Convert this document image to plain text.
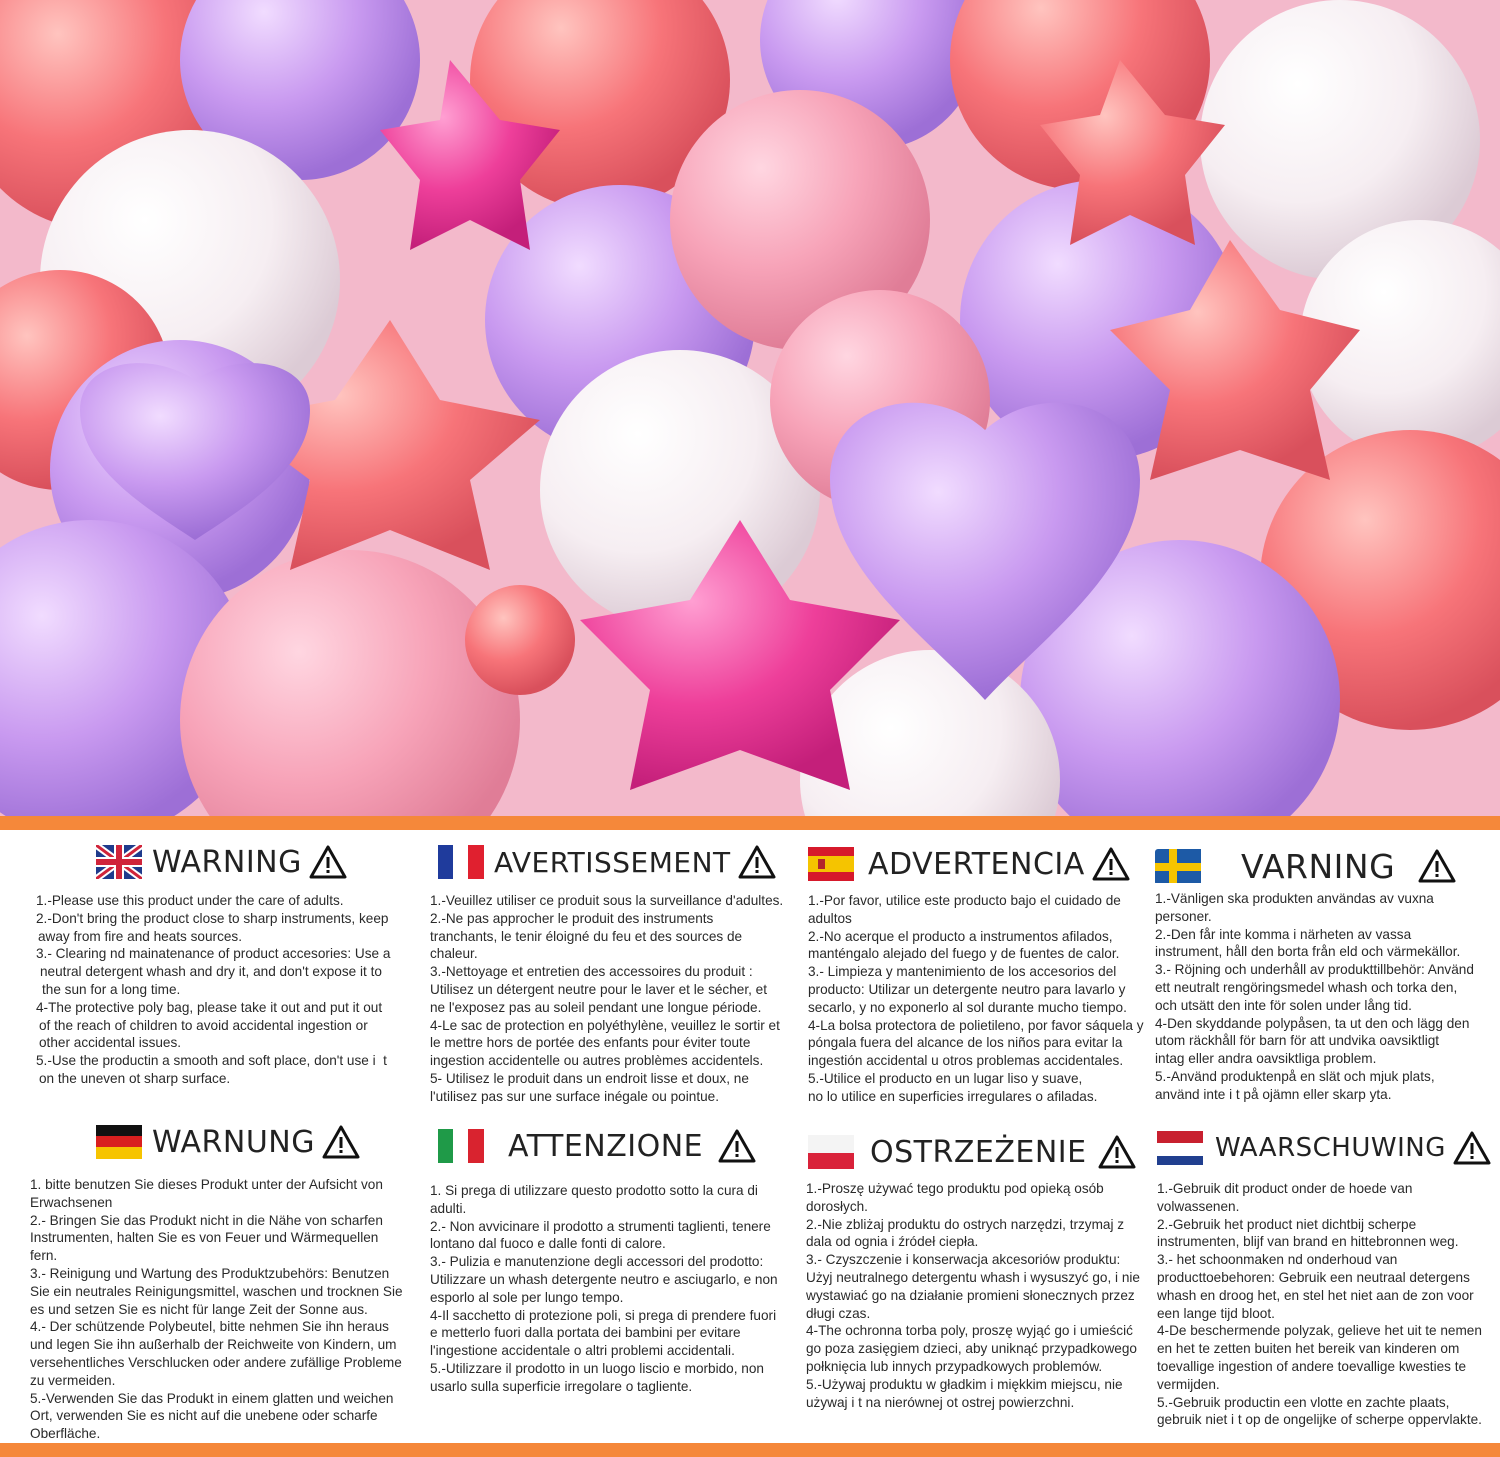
WARNING
1.-Please use this product under the care of adults.
2.-Don't bring the product close to sharp instruments, keep
away from fire and heats sources.
3.- Clearing nd mainatenance of product accesories: Use a
neutral detergent whash and dry it, and don't expose it to
the sun for a long time.
4-The protective poly bag, please take it out and put it out
of the reach of children to avoid accidental ingestion or
other accidental issues.
5.-Use the productin a smooth and soft place, don't use i  t
on the uneven ot sharp surface.
AVERTISSEMENT
1.-Veuillez utiliser ce produit sous la surveillance d'adultes.
2.-Ne pas approcher le produit des instruments
tranchants, le tenir éloigné du feu et des sources de
chaleur.
3.-Nettoyage et entretien des accessoires du produit :
Utilisez un détergent neutre pour le laver et le sécher, et
ne l'exposez pas au soleil pendant une longue période.
4-Le sac de protection en polyéthylène, veuillez le sortir et
le mettre hors de portée des enfants pour éviter toute
ingestion accidentelle ou autres problèmes accidentels.
5- Utilisez le produit dans un endroit lisse et doux, ne
l'utilisez pas sur une surface inégale ou pointue.
ADVERTENCIA
1.-Por favor, utilice este producto bajo el cuidado de
adultos
2.-No acerque el producto a instrumentos afilados,
manténgalo alejado del fuego y de fuentes de calor.
3.- Limpieza y mantenimiento de los accesorios del
producto: Utilizar un detergente neutro para lavarlo y
secarlo, y no exponerlo al sol durante mucho tiempo.
4-La bolsa protectora de polietileno, por favor sáquela y
póngala fuera del alcance de los niños para evitar la
ingestión accidental u otros problemas accidentales.
5.-Utilice el producto en un lugar liso y suave,
no lo utilice en superficies irregulares o afiladas.
VARNING
1.-Vänligen ska produkten användas av vuxna
personer.
2.-Den får inte komma i närheten av vassa
instrument, håll den borta från eld och värmekällor.
3.- Röjning och underhåll av produkttillbehör: Använd
ett neutralt rengöringsmedel whash och torka den,
och utsätt den inte för solen under lång tid.
4-Den skyddande polypåsen, ta ut den och lägg den
utom räckhåll för barn för att undvika oavsiktligt
intag eller andra oavsiktliga problem.
5.-Använd produktenpå en slät och mjuk plats,
använd inte i t på ojämn eller skarp yta.
WARNUNG
1. bitte benutzen Sie dieses Produkt unter der Aufsicht von
Erwachsenen
2.- Bringen Sie das Produkt nicht in die Nähe von scharfen
Instrumenten, halten Sie es von Feuer und Wärmequellen
fern.
3.- Reinigung und Wartung des Produktzubehörs: Benutzen
Sie ein neutrales Reinigungsmittel, waschen und trocknen Sie
es und setzen Sie es nicht für lange Zeit der Sonne aus.
4.- Der schützende Polybeutel, bitte nehmen Sie ihn heraus
und legen Sie ihn außerhalb der Reichweite von Kindern, um
versehentliches Verschlucken oder andere zufällige Probleme
zu vermeiden.
5.-Verwenden Sie das Produkt in einem glatten und weichen
Ort, verwenden Sie es nicht auf die unebene oder scharfe
Oberfläche.
ATTENZIONE
1. Si prega di utilizzare questo prodotto sotto la cura di
adulti.
2.- Non avvicinare il prodotto a strumenti taglienti, tenere
lontano dal fuoco e dalle fonti di calore.
3.- Pulizia e manutenzione degli accessori del prodotto:
Utilizzare un whash detergente neutro e asciugarlo, e non
esporlo al sole per lungo tempo.
4-Il sacchetto di protezione poli, si prega di prendere fuori
e metterlo fuori dalla portata dei bambini per evitare
l'ingestione accidentale o altri problemi accidentali.
5.-Utilizzare il prodotto in un luogo liscio e morbido, non
usarlo sulla superficie irregolare o tagliente.
OSTRZEŻENIE
1.-Proszę używać tego produktu pod opieką osób
dorosłych.
2.-Nie zbliżaj produktu do ostrych narzędzi, trzymaj z
dala od ognia i źródeł ciepła.
3.- Czyszczenie i konserwacja akcesoriów produktu:
Użyj neutralnego detergentu whash i wysuszyć go, i nie
wystawiać go na działanie promieni słonecznych przez
długi czas.
4-The ochronna torba poly, proszę wyjąć go i umieścić
go poza zasięgiem dzieci, aby uniknąć przypadkowego
połknięcia lub innych przypadkowych problemów.
5.-Używaj produktu w gładkim i miękkim miejscu, nie
używaj i t na nierównej ot ostrej powierzchni.
WAARSCHUWING
1.-Gebruik dit product onder de hoede van
volwassenen.
2.-Gebruik het product niet dichtbij scherpe
instrumenten, blijf van brand en hittebronnen weg.
3.- het schoonmaken nd onderhoud van
producttoebehoren: Gebruik een neutraal detergens
whash en droog het, en stel het niet aan de zon voor
een lange tijd bloot.
4-De beschermende polyzak, gelieve het uit te nemen
en het te zetten buiten het bereik van kinderen om
toevallige ingestion of andere toevallige kwesties te
vermijden.
5.-Gebruik productin een vlotte en zachte plaats,
gebruik niet i t op de ongelijke of scherpe oppervlakte.
